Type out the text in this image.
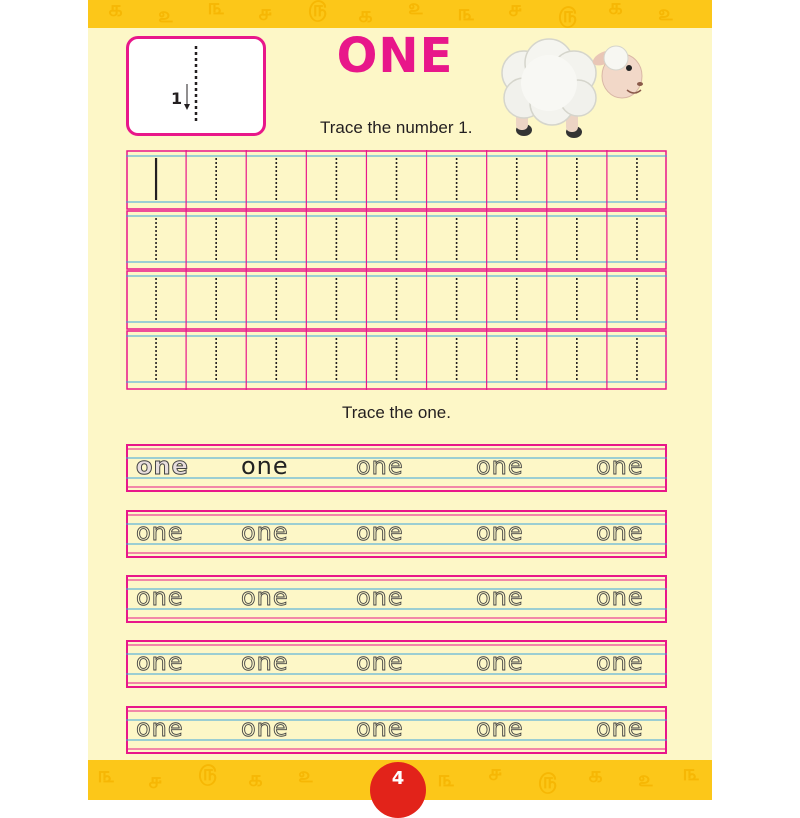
௧ ௨ ௩ ௪ ௫ ௧ ௨ ௩ ௪ ௫ ௧ ௨
௩ ௪ ௫ ௧ ௨	௩ ௪ ௫ ௧ ௨ ௩
1
ONE
Trace the number 1.
Trace the one.
one one	one	one	one
one one	one	one	one
one one	one	one	one
one one	one	one	one
one one	one	one	one
4
